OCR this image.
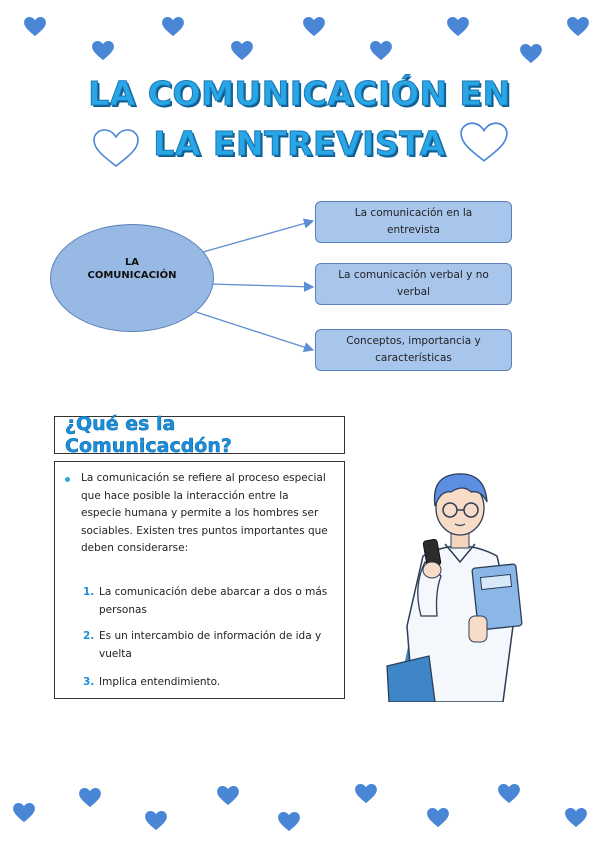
LA COMUNICACIÓN EN
LA ENTREVISTA
LA COMUNICACIÓN
La comunicación en la entrevista
La comunicación verbal y no verbal
Conceptos, importancia y características
¿Qué es la Comunicacdón?
La comunicación se refiere al proceso especial que hace posible la interacción entre la especie humana y permite a los hombres ser sociables. Existen tres puntos importantes que deben considerarse:
1. La comunicación debe abarcar a dos o más personas
2. Es un intercambio de información de ida y vuelta
3. Implica entendimiento.
